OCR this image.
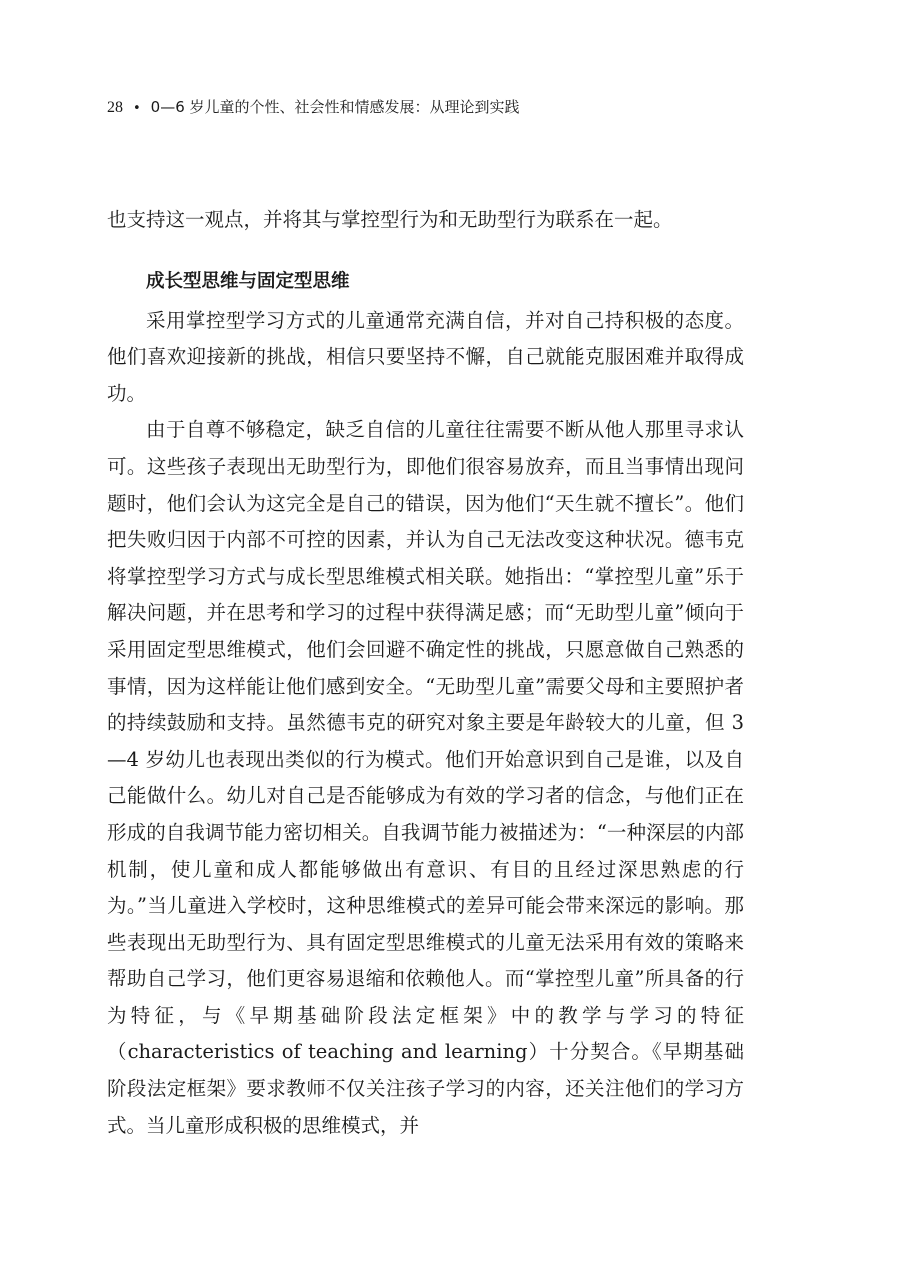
28 • 0—6 岁儿童的个性、社会性和情感发展：从理论到实践

也支持这一观点，并将其与掌控型行为和无助型行为联系在一起。

成长型思维与固定型思维

采用掌控型学习方式的儿童通常充满自信，并对自己持积极的态度。他们喜欢迎接新的挑战，相信只要坚持不懈，自己就能克服困难并取得成功。

由于自尊不够稳定，缺乏自信的儿童往往需要不断从他人那里寻求认可。这些孩子表现出无助型行为，即他们很容易放弃，而且当事情出现问题时，他们会认为这完全是自己的错误，因为他们“天生就不擅长”。他们把失败归因于内部不可控的因素，并认为自己无法改变这种状况。德韦克将掌控型学习方式与成长型思维模式相关联。她指出：“掌控型儿童”乐于解决问题，并在思考和学习的过程中获得满足感；而“无助型儿童”倾向于采用固定型思维模式，他们会回避不确定性的挑战，只愿意做自己熟悉的事情，因为这样能让他们感到安全。“无助型儿童”需要父母和主要照护者的持续鼓励和支持。虽然德韦克的研究对象主要是年龄较大的儿童，但 3—4 岁幼儿也表现出类似的行为模式。他们开始意识到自己是谁，以及自己能做什么。幼儿对自己是否能够成为有效的学习者的信念，与他们正在形成的自我调节能力密切相关。自我调节能力被描述为：“一种深层的内部机制，使儿童和成人都能够做出有意识、有目的且经过深思熟虑的行为。”当儿童进入学校时，这种思维模式的差异可能会带来深远的影响。那些表现出无助型行为、具有固定型思维模式的儿童无法采用有效的策略来帮助自己学习，他们更容易退缩和依赖他人。而“掌控型儿童”所具备的行为特征，与《早期基础阶段法定框架》中的教学与学习的特征（characteristics of teaching and learning）十分契合。《早期基础阶段法定框架》要求教师不仅关注孩子学习的内容，还关注他们的学习方式。当儿童形成积极的思维模式，并
